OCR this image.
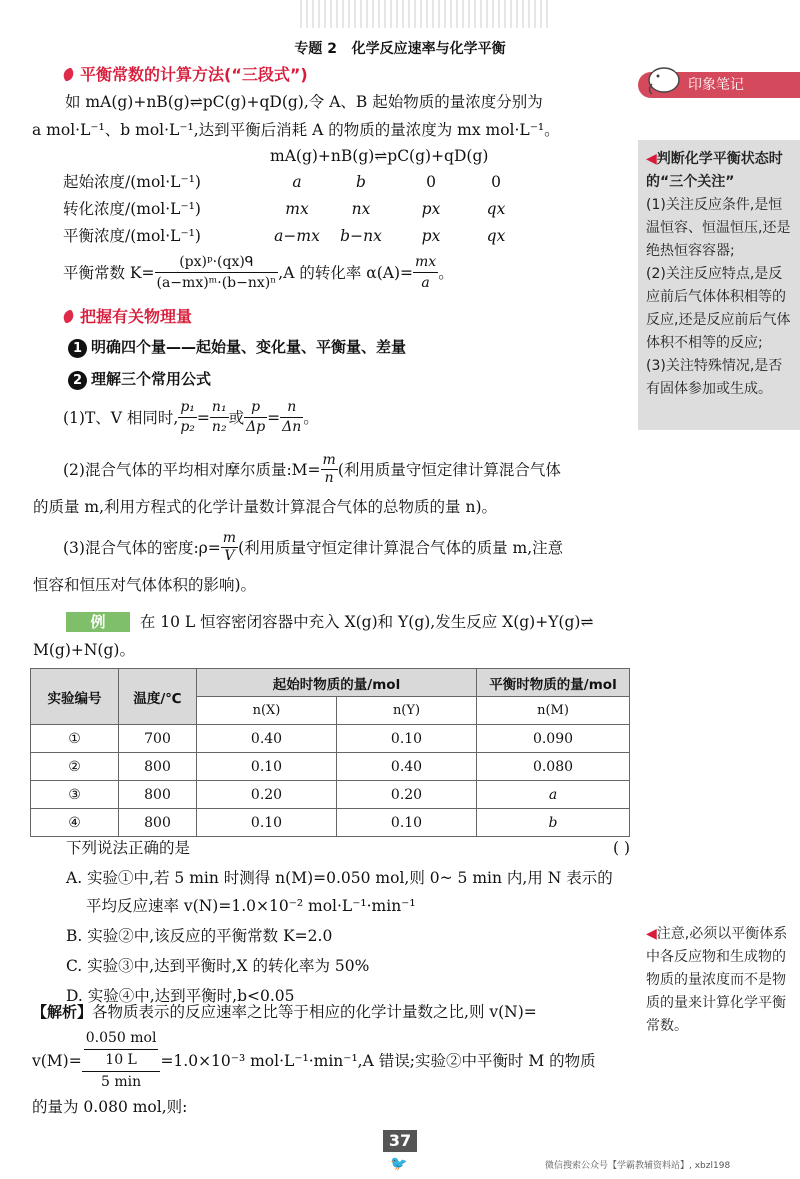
专题 2 化学反应速率与化学平衡
平衡常数的计算方法(“三段式”)
如 mA(g)+nB(g)⇌pC(g)+qD(g),令 A、B 起始物质的量浓度分别为
a mol·L⁻¹、b mol·L⁻¹,达到平衡后消耗 A 的物质的量浓度为 mx mol·L⁻¹。
mA(g)+nB(g)⇌pC(g)+qD(g)
起始浓度/(mol·L⁻¹)	a	b	0	0
转化浓度/(mol·L⁻¹)	mx	nx	px	qx
平衡浓度/(mol·L⁻¹)	a−mx	b−nx	px	qx
平衡常数 $K= \frac{\text{(px)ᵖ·(qx)ᑫ}}{\text{(a−mx)ᵐ·(b−nx)ⁿ}} ,A$ 的转化率 $\alpha(A)= \frac{mx}{a}$ 。
把握有关物理量
1 明确四个量——起始量、变化量、平衡量、差量
2 理解三个常用公式
(1)T、V 相同时, $\frac{\text{p₁}}{\text{p₂}} = \frac{\text{n₁}}{\text{n₂}}$ 或 $\frac{p}{\Delta p} = \frac{n}{\Delta n}$ 。
(2)混合气体的平均相对摩尔质量:M= $\frac{m}{n}$ (利用质量守恒定律计算混合气体
的质量 m,利用方程式的化学计量数计算混合气体的总物质的量 n)。
(3)混合气体的密度:ρ= $\frac{m}{V}$ (利用质量守恒定律计算混合气体的质量 m,注意
恒容和恒压对气体体积的影响)。
例 在 10 L 恒容密闭容器中充入 X(g)和 Y(g),发生反应 X(g)+Y(g)⇌
M(g)+N(g)。
实验编号	温度/℃	起始时物质的量/mol		平衡时物质的量/mol
		n(X)	n(Y)	n(M)
①	700	0.40	0.10	0.090
②	800	0.10	0.40	0.080
③	800	0.20	0.20	a
④	800	0.10	0.10	b
下列说法正确的是	( )
A. 实验①中,若 5 min 时测得 n(M)=0.050 mol,则 0~ 5 min 内,用 N 表示的
平均反应速率 v(N)=1.0×10⁻² mol·L⁻¹·min⁻¹
B. 实验②中,该反应的平衡常数 K=2.0
C. 实验③中,达到平衡时,X 的转化率为 50%
D. 实验④中,达到平衡时,b<0.05
【解析】各物质表示的反应速率之比等于相应的化学计量数之比,则 v(N)=
$v(M)= \frac{\frac{\text{0.050 mol}}{10 L}}{5 \min} =1.0\times 10^{-3}$ mol·L⁻¹·min⁻¹,A 错误;实验②中平衡时 M 的物质
的量为 0.080 mol,则:
印象笔记
◀判断化学平衡状态时的“三个关注”
(1)关注反应条件,是恒温恒容、恒温恒压,还是绝热恒容容器;
(2)关注反应特点,是反应前后气体体积相等的反应,还是反应前后气体体积不相等的反应;
(3)关注特殊情况,是否有固体参加或生成。
◀注意,必须以平衡体系中各反应物和生成物的物质的量浓度而不是物质的量来计算化学平衡常数。
37
🐦	微信搜索公众号【学霸教辅资料站】, xbzl198
